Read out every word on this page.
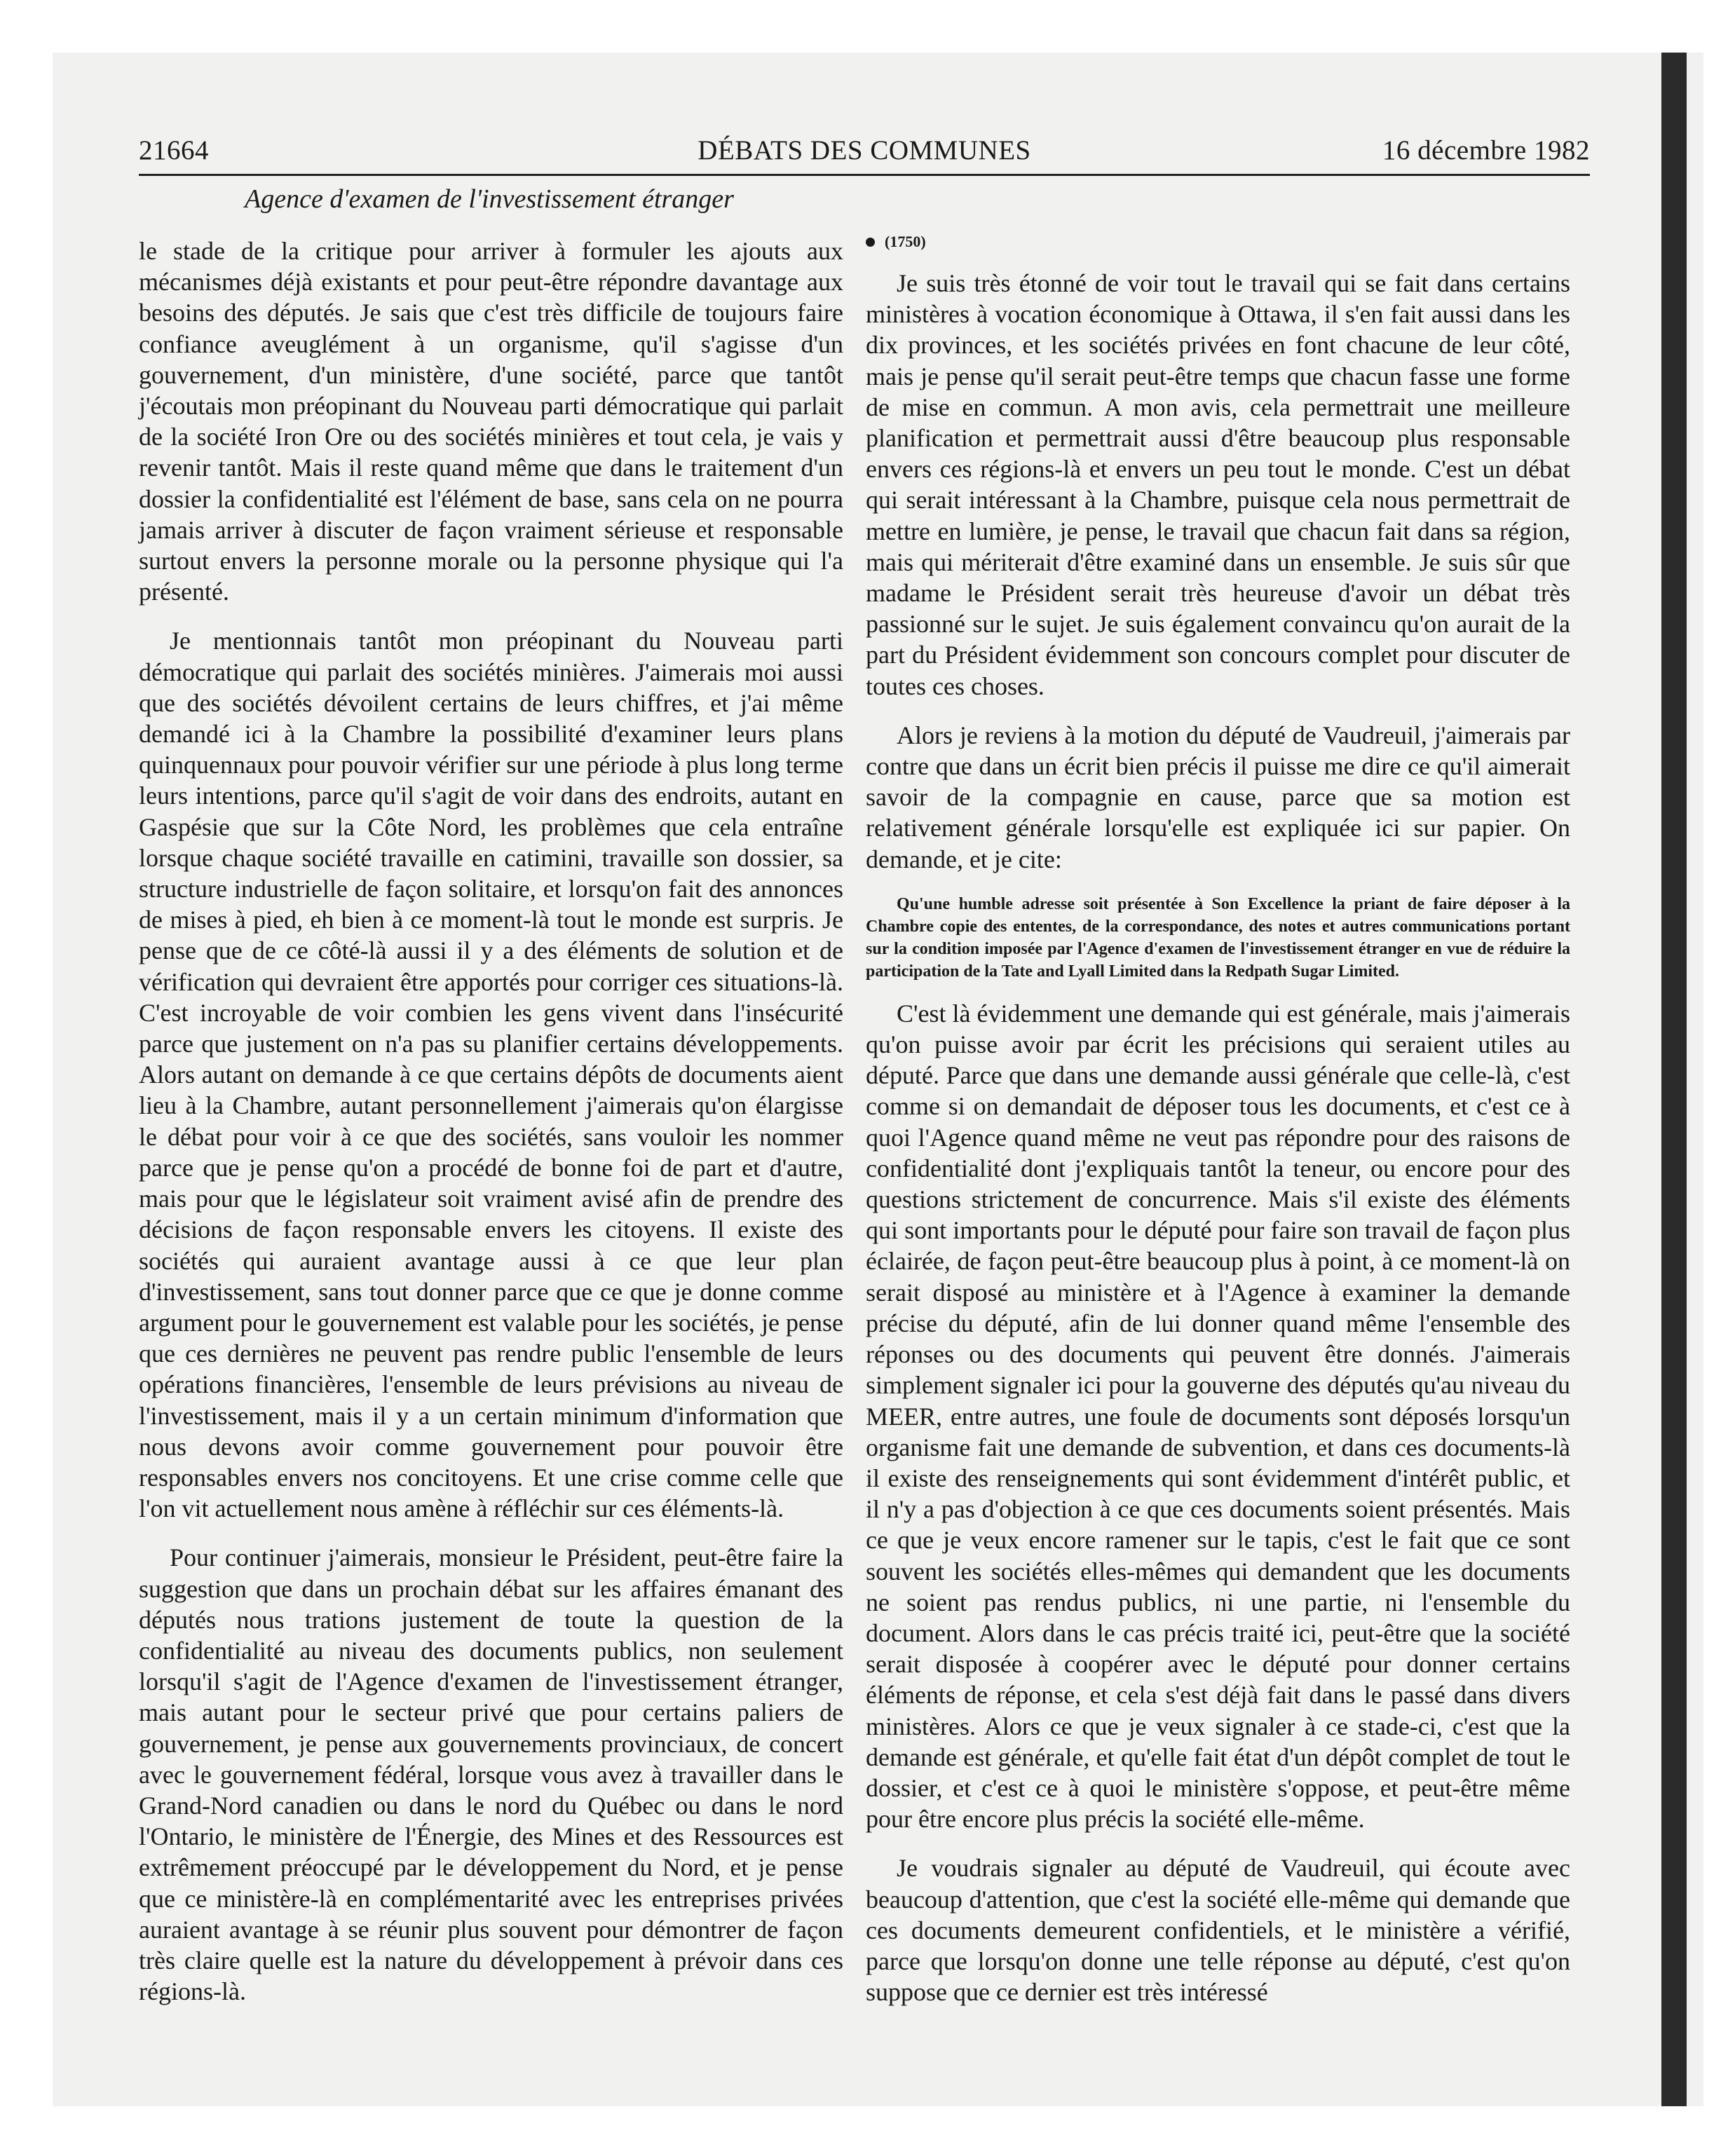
21664	DÉBATS DES COMMUNES	16 décembre 1982
Agence d'examen de l'investissement étranger

le stade de la critique pour arriver à formuler les ajouts aux mécanismes déjà existants et pour peut-être répondre davantage aux besoins des députés. Je sais que c'est très difficile de toujours faire confiance aveuglément à un organisme, qu'il s'agisse d'un gouvernement, d'un ministère, d'une société, parce que tantôt j'écoutais mon préopinant du Nouveau parti démocratique qui parlait de la société Iron Ore ou des sociétés minières et tout cela, je vais y revenir tantôt. Mais il reste quand même que dans le traitement d'un dossier la confidentialité est l'élément de base, sans cela on ne pourra jamais arriver à discuter de façon vraiment sérieuse et responsable surtout envers la personne morale ou la personne physique qui l'a présenté.

Je mentionnais tantôt mon préopinant du Nouveau parti démocratique qui parlait des sociétés minières. J'aimerais moi aussi que des sociétés dévoilent certains de leurs chiffres, et j'ai même demandé ici à la Chambre la possibilité d'examiner leurs plans quinquennaux pour pouvoir vérifier sur une période à plus long terme leurs intentions, parce qu'il s'agit de voir dans des endroits, autant en Gaspésie que sur la Côte Nord, les problèmes que cela entraîne lorsque chaque société travaille en catimini, travaille son dossier, sa structure industrielle de façon solitaire, et lorsqu'on fait des annonces de mises à pied, eh bien à ce moment-là tout le monde est surpris. Je pense que de ce côté-là aussi il y a des éléments de solution et de vérification qui devraient être apportés pour corriger ces situations-là. C'est incroyable de voir combien les gens vivent dans l'insécurité parce que justement on n'a pas su planifier certains développements. Alors autant on demande à ce que certains dépôts de documents aient lieu à la Chambre, autant personnellement j'aimerais qu'on élargisse le débat pour voir à ce que des sociétés, sans vouloir les nommer parce que je pense qu'on a procédé de bonne foi de part et d'autre, mais pour que le législateur soit vraiment avisé afin de prendre des décisions de façon responsable envers les citoyens. Il existe des sociétés qui auraient avantage aussi à ce que leur plan d'investissement, sans tout donner parce que ce que je donne comme argument pour le gouvernement est valable pour les sociétés, je pense que ces dernières ne peuvent pas rendre public l'ensemble de leurs opérations financières, l'ensemble de leurs prévisions au niveau de l'investissement, mais il y a un certain minimum d'information que nous devons avoir comme gouvernement pour pouvoir être responsables envers nos concitoyens. Et une crise comme celle que l'on vit actuellement nous amène à réfléchir sur ces éléments-là.

Pour continuer j'aimerais, monsieur le Président, peut-être faire la suggestion que dans un prochain débat sur les affaires émanant des députés nous trations justement de toute la question de la confidentialité au niveau des documents publics, non seulement lorsqu'il s'agit de l'Agence d'examen de l'investissement étranger, mais autant pour le secteur privé que pour certains paliers de gouvernement, je pense aux gouvernements provinciaux, de concert avec le gouvernement fédéral, lorsque vous avez à travailler dans le Grand-Nord canadien ou dans le nord du Québec ou dans le nord l'Ontario, le ministère de l'Énergie, des Mines et des Ressources est extrêmement préoccupé par le développement du Nord, et je pense que ce ministère-là en complémentarité avec les entreprises privées auraient avantage à se réunir plus souvent pour démontrer de façon très claire quelle est la nature du développement à prévoir dans ces régions-là.

(1750)

Je suis très étonné de voir tout le travail qui se fait dans certains ministères à vocation économique à Ottawa, il s'en fait aussi dans les dix provinces, et les sociétés privées en font chacune de leur côté, mais je pense qu'il serait peut-être temps que chacun fasse une forme de mise en commun. A mon avis, cela permettrait une meilleure planification et permettrait aussi d'être beaucoup plus responsable envers ces régions-là et envers un peu tout le monde. C'est un débat qui serait intéressant à la Chambre, puisque cela nous permettrait de mettre en lumière, je pense, le travail que chacun fait dans sa région, mais qui mériterait d'être examiné dans un ensemble. Je suis sûr que madame le Président serait très heureuse d'avoir un débat très passionné sur le sujet. Je suis également convaincu qu'on aurait de la part du Président évidemment son concours complet pour discuter de toutes ces choses.

Alors je reviens à la motion du député de Vaudreuil, j'aimerais par contre que dans un écrit bien précis il puisse me dire ce qu'il aimerait savoir de la compagnie en cause, parce que sa motion est relativement générale lorsqu'elle est expliquée ici sur papier. On demande, et je cite:

Qu'une humble adresse soit présentée à Son Excellence la priant de faire déposer à la Chambre copie des ententes, de la correspondance, des notes et autres communications portant sur la condition imposée par l'Agence d'examen de l'investissement étranger en vue de réduire la participation de la Tate and Lyall Limited dans la Redpath Sugar Limited.

C'est là évidemment une demande qui est générale, mais j'aimerais qu'on puisse avoir par écrit les précisions qui seraient utiles au député. Parce que dans une demande aussi générale que celle-là, c'est comme si on demandait de déposer tous les documents, et c'est ce à quoi l'Agence quand même ne veut pas répondre pour des raisons de confidentialité dont j'expliquais tantôt la teneur, ou encore pour des questions strictement de concurrence. Mais s'il existe des éléments qui sont importants pour le député pour faire son travail de façon plus éclairée, de façon peut-être beaucoup plus à point, à ce moment-là on serait disposé au ministère et à l'Agence à examiner la demande précise du député, afin de lui donner quand même l'ensemble des réponses ou des documents qui peuvent être donnés. J'aimerais simplement signaler ici pour la gouverne des députés qu'au niveau du MEER, entre autres, une foule de documents sont déposés lorsqu'un organisme fait une demande de subvention, et dans ces documents-là il existe des renseignements qui sont évidemment d'intérêt public, et il n'y a pas d'objection à ce que ces documents soient présentés. Mais ce que je veux encore ramener sur le tapis, c'est le fait que ce sont souvent les sociétés elles-mêmes qui demandent que les documents ne soient pas rendus publics, ni une partie, ni l'ensemble du document. Alors dans le cas précis traité ici, peut-être que la société serait disposée à coopérer avec le député pour donner certains éléments de réponse, et cela s'est déjà fait dans le passé dans divers ministères. Alors ce que je veux signaler à ce stade-ci, c'est que la demande est générale, et qu'elle fait état d'un dépôt complet de tout le dossier, et c'est ce à quoi le ministère s'oppose, et peut-être même pour être encore plus précis la société elle-même.

Je voudrais signaler au député de Vaudreuil, qui écoute avec beaucoup d'attention, que c'est la société elle-même qui demande que ces documents demeurent confidentiels, et le ministère a vérifié, parce que lorsqu'on donne une telle réponse au député, c'est qu'on suppose que ce dernier est très intéressé
